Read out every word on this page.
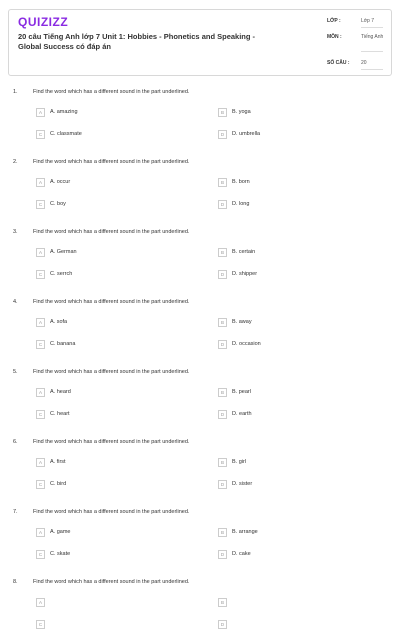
QUIZIZZ
20 câu Tiếng Anh lớp 7 Unit 1: Hobbies - Phonetics and Speaking - Global Success có đáp án
LỚP :	Lớp 7
MÔN :	Tiếng Anh
SỐ CÂU : 20
1.	Find the word which has a different sound in the part underlined.
A	A. amazing	B	B. yoga
C	C. classmate	D	D. umbrella
2.	Find the word which has a different sound in the part underlined.
A	A. occur	B	B. born
C	C. boy	D	D. long
3.	Find the word which has a different sound in the part underlined.
A	A. German	B	B. certain
C	C. serrch	D	D. shipper
4.	Find the word which has a different sound in the part underlined.
A	A. sofa	B	B. away
C	C. banana	D	D. occasion
5.	Find the word which has a different sound in the part underlined.
A	A. heard	B	B. pearl
C	C. heart	D	D. earth
6.	Find the word which has a different sound in the part underlined.
A	A. first	B	B. girl
C	C. bird	D	D. sister
7.	Find the word which has a different sound in the part underlined.
A	A. game	B	B. arrange
C	C. skate	D	D. cake
8.	Find the word which has a different sound in the part underlined.
A	B
C	D
